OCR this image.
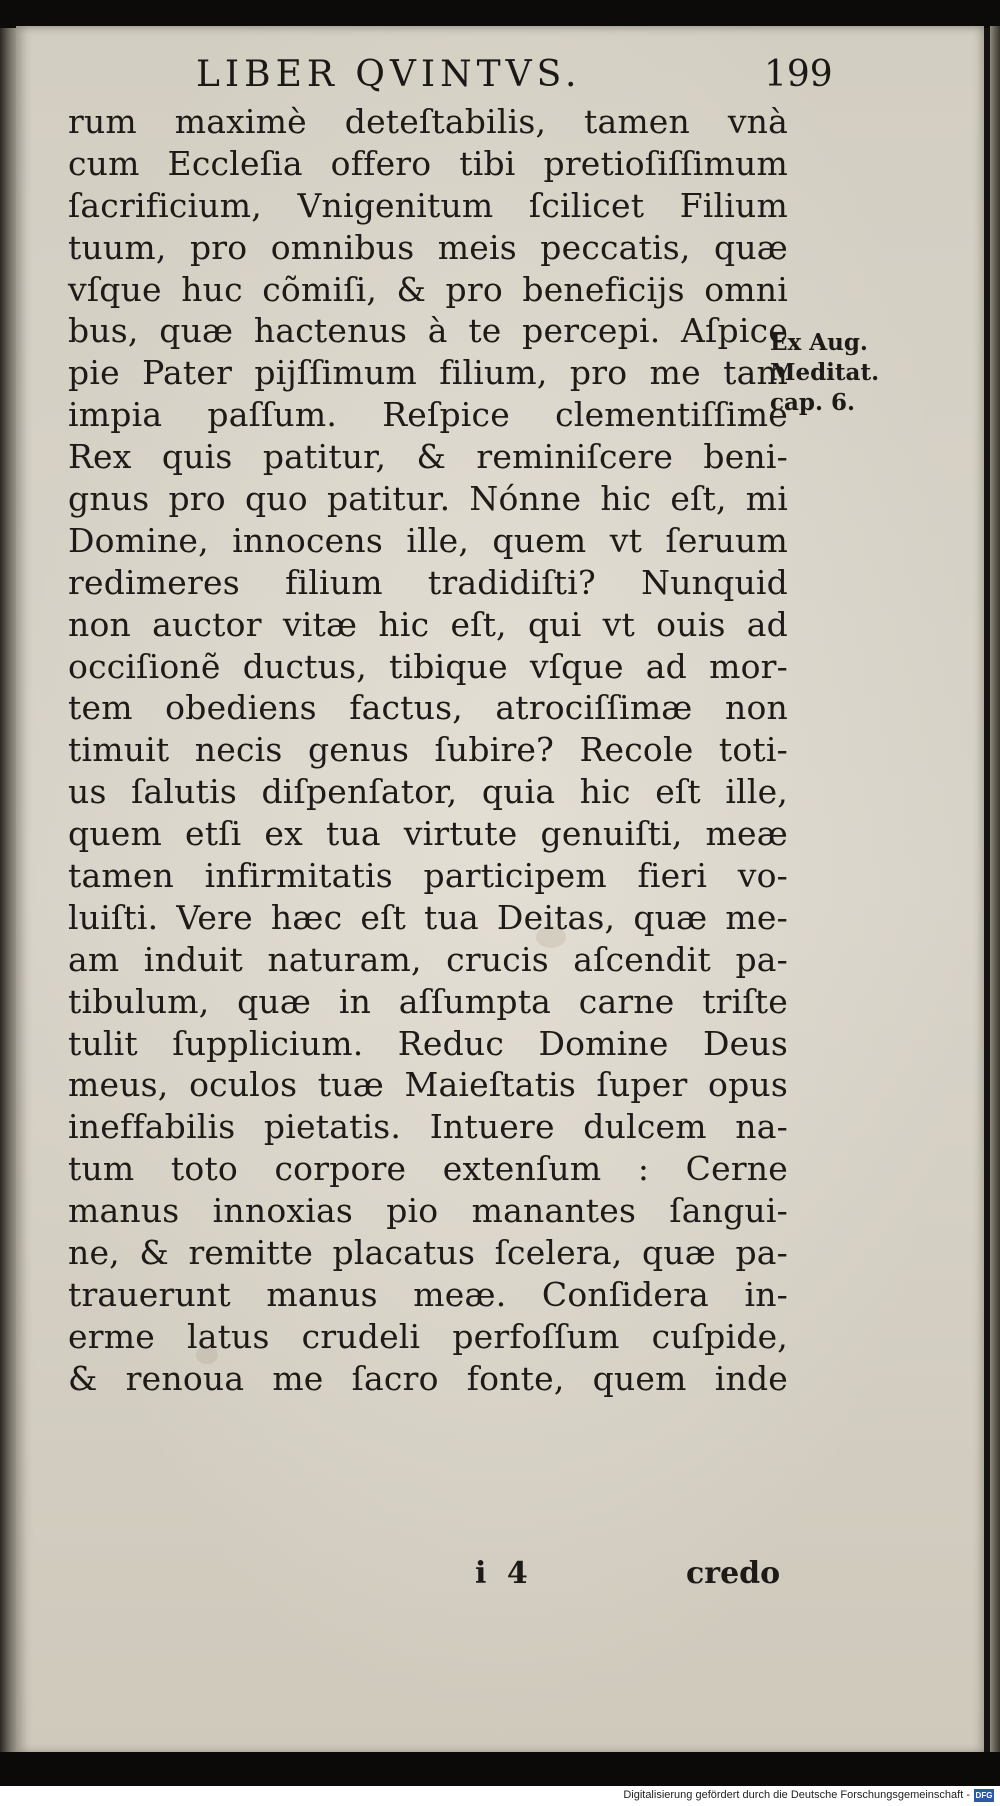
LIBER QVINTVS.	199
rum maximè deteſtabilis, tamen vnà
cum Eccleſia offero tibi pretioſiſſimum
ſacrificium, Vnigenitum ſcilicet Filium
tuum, pro omnibus meis peccatis, quæ
vſque huc cõmiſi, & pro beneficijs omni
bus, quæ hactenus à te percepi. Aſpice
pie Pater pijſſimum filium, pro me tam
impia paſſum. Reſpice clementiſſime
Rex quis patitur, & reminiſcere beni-
gnus pro quo patitur. Nónne hic eſt, mi
Domine, innocens ille, quem vt ſeruum
redimeres filium tradidiſti? Nunquid
non auctor vitæ hic eſt, qui vt ouis ad
occiſionẽ ductus, tibique vſque ad mor-
tem obediens factus, atrociſſimæ non
timuit necis genus ſubire? Recole toti-
us ſalutis diſpenſator, quia hic eſt ille,
quem etſi ex tua virtute genuiſti, meæ
tamen infirmitatis participem fieri vo-
luiſti. Vere hæc eſt tua Deitas, quæ me-
am induit naturam, crucis aſcendit pa-
tibulum, quæ in aſſumpta carne triſte
tulit ſupplicium. Reduc Domine Deus
meus, oculos tuæ Maieſtatis ſuper opus
ineffabilis pietatis. Intuere dulcem na-
tum toto corpore extenſum : Cerne
manus innoxias pio manantes ſangui-
ne, & remitte placatus ſcelera, quæ pa-
trauerunt manus meæ. Conſidera in-
erme latus crudeli perfoſſum cuſpide,
& renoua me ſacro fonte, quem inde
Ex Aug.
Meditat.
cap. 6.
i 4	credo
Digitalisierung gefördert durch die Deutsche Forschungsgemeinschaft - DFG
